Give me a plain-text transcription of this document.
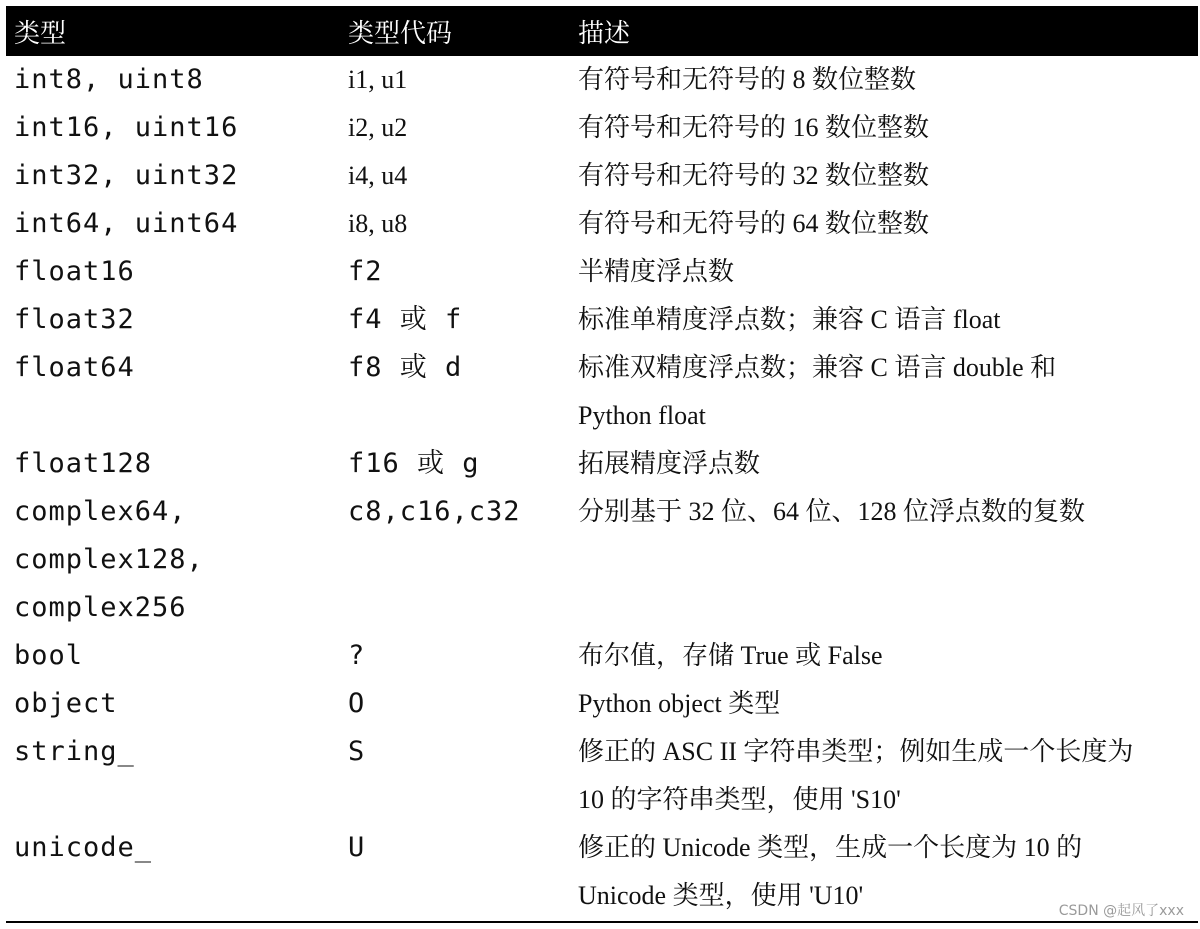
类型	类型代码	描述

int8, uint8	i1, u1	有符号和无符号的 8 数位整数

int16, uint16	i2, u2	有符号和无符号的 16 数位整数

int32, uint32	i4, u4	有符号和无符号的 32 数位整数

int64, uint64	i8, u8	有符号和无符号的 64 数位整数

float16	f2	半精度浮点数

float32	f4 或 f	标准单精度浮点数；兼容 C 语言 float

float64	f8 或 d	标准双精度浮点数；兼容 C 语言 double 和
Python float

float128	f16 或 g	拓展精度浮点数

complex64,
complex128,
complex256	c8,c16,c32	分别基于 32 位、64 位、128 位浮点数的复数

bool	?	布尔值，存储 True 或 False

object	O	Python object 类型

string_	S	修正的 ASC II 字符串类型；例如生成一个长度为
10 的字符串类型，使用 'S10'

unicode_	U	修正的 Unicode 类型，生成一个长度为 10 的
Unicode 类型，使用 'U10'
CSDN @起风了xxx
